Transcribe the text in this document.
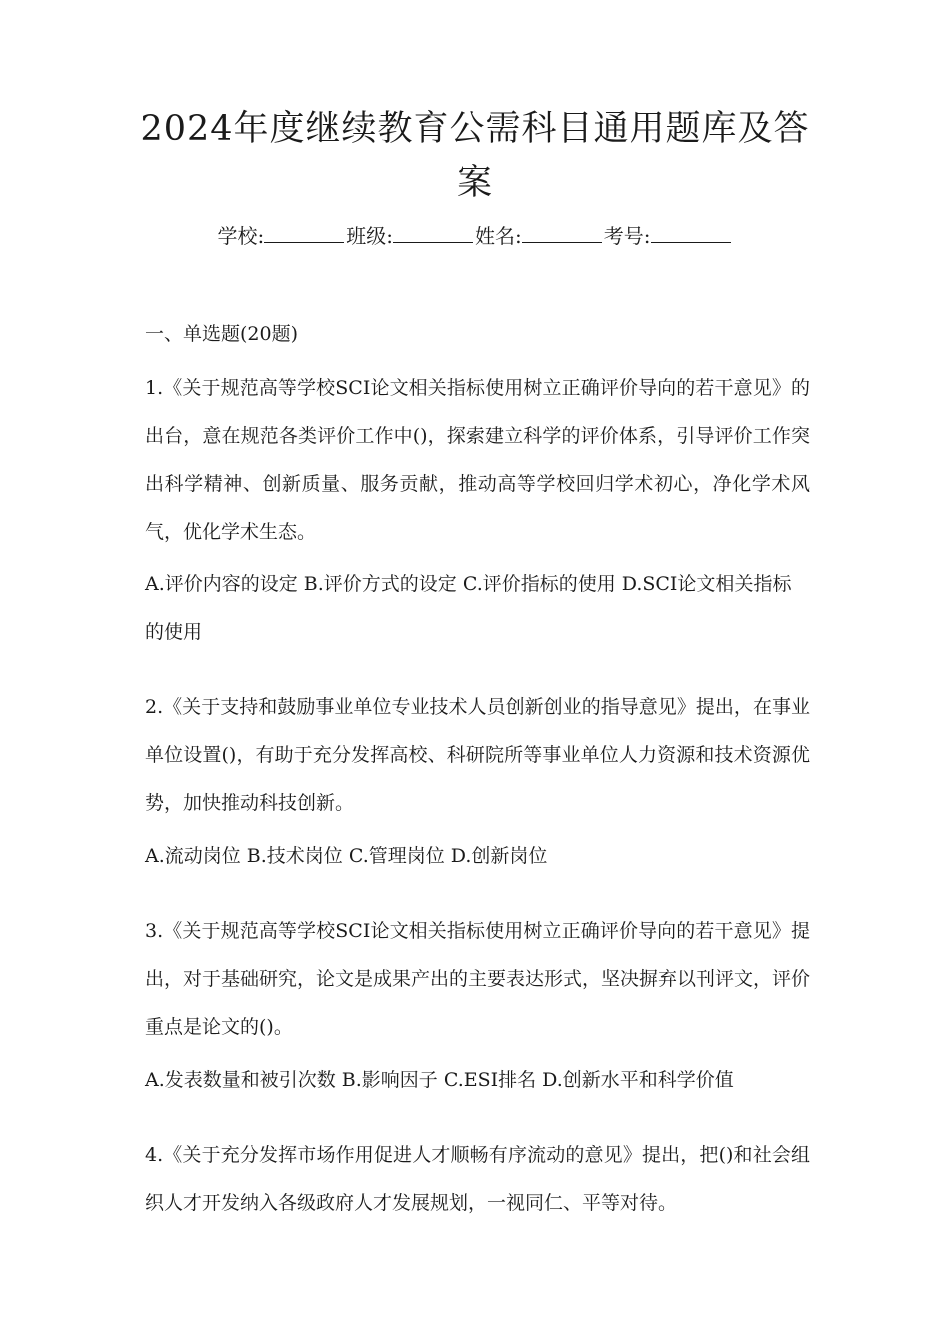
2024年度继续教育公需科目通用题库及答案
学校:	班级:	姓名:	考号:
一、单选题(20题)
1.《关于规范高等学校SCI论文相关指标使用树立正确评价导向的若干意见》的出台，意在规范各类评价工作中()，探索建立科学的评价体系，引导评价工作突出科学精神、创新质量、服务贡献，推动高等学校回归学术初心，净化学术风气，优化学术生态。
A.评价内容的设定 B.评价方式的设定 C.评价指标的使用 D.SCI论文相关指标的使用
2.《关于支持和鼓励事业单位专业技术人员创新创业的指导意见》提出，在事业单位设置()，有助于充分发挥高校、科研院所等事业单位人力资源和技术资源优势，加快推动科技创新。
A.流动岗位 B.技术岗位 C.管理岗位 D.创新岗位
3.《关于规范高等学校SCI论文相关指标使用树立正确评价导向的若干意见》提出，对于基础研究，论文是成果产出的主要表达形式，坚决摒弃以刊评文，评价重点是论文的()。
A.发表数量和被引次数 B.影响因子 C.ESI排名 D.创新水平和科学价值
4.《关于充分发挥市场作用促进人才顺畅有序流动的意见》提出，把()和社会组织人才开发纳入各级政府人才发展规划，一视同仁、平等对待。
